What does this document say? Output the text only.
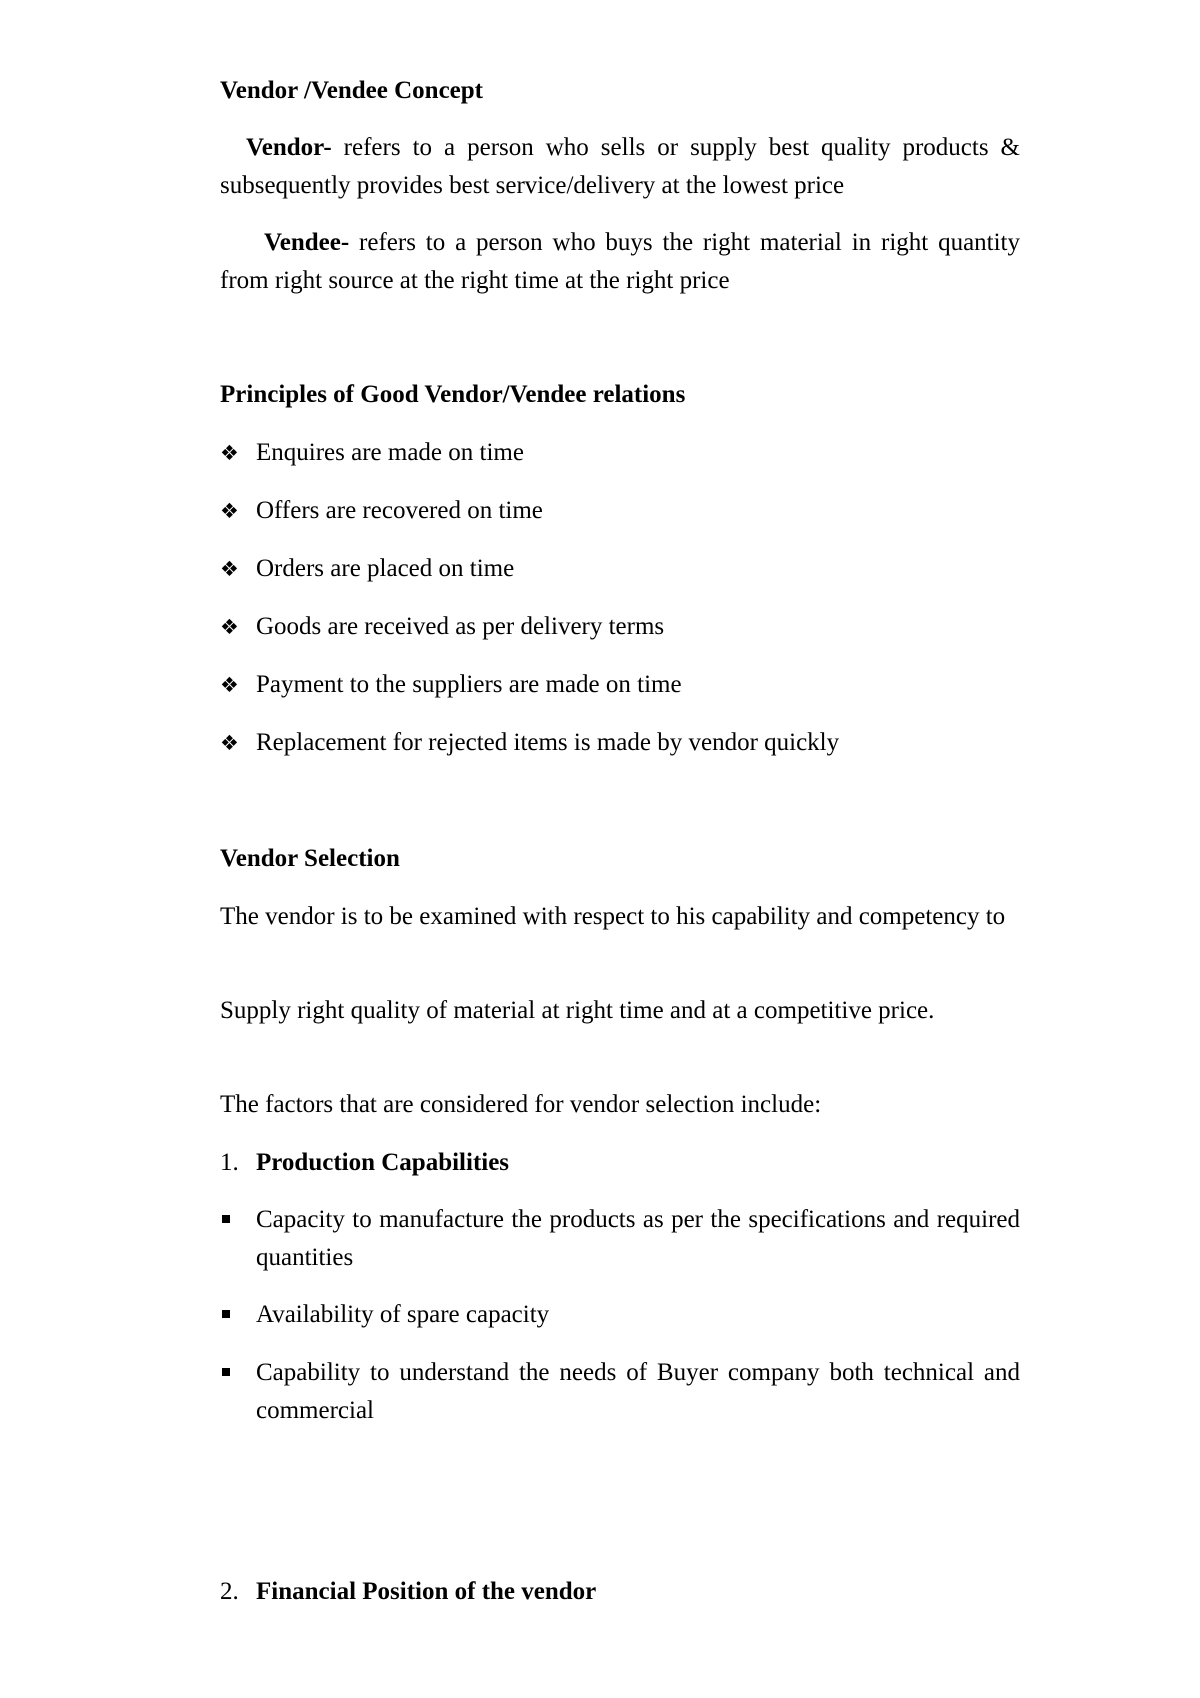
Vendor /Vendee Concept
Vendor- refers to a person who sells or supply best quality products & subsequently provides best service/delivery at the lowest price
Vendee- refers to a person who buys the right material in right quantity from right source at the right time at the right price
Principles of Good Vendor/Vendee relations
❖ Enquires are made on time
❖ Offers are recovered on time
❖ Orders are placed on time
❖ Goods are received as per delivery terms
❖ Payment to the suppliers are made on time
❖ Replacement for rejected items is made by vendor quickly
Vendor Selection
The vendor is to be examined with respect to his capability and competency to
Supply right quality of material at right time and at a competitive price.
The factors that are considered for vendor selection include:
1. Production Capabilities
Capacity to manufacture the products as per the specifications and required quantities
Availability of spare capacity
Capability to understand the needs of Buyer company both technical and commercial
2. Financial Position of the vendor
